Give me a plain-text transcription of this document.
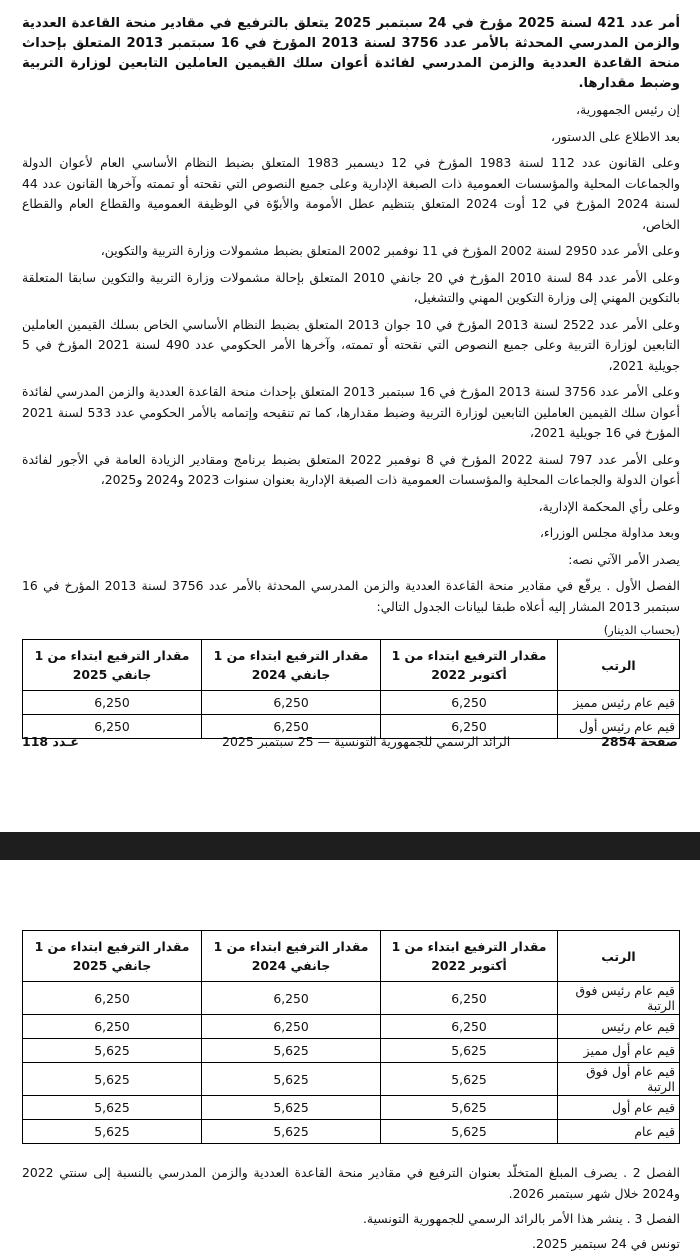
أمر عدد 421 لسنة 2025 مؤرخ في 24 سبتمبر 2025 يتعلق بالترفيع في مقادير منحة القاعدة العددية والزمن المدرسي المحدثة بالأمر عدد 3756 لسنة 2013 المؤرخ في 16 سبتمبر 2013 المتعلق بإحداث منحة القاعدة العددية والزمن المدرسي لفائدة أعوان سلك القيمين العاملين التابعين لوزارة التربية وضبط مقدارها.

إن رئيس الجمهورية،

بعد الاطلاع على الدستور،

وعلى القانون عدد 112 لسنة 1983 المؤرخ في 12 ديسمبر 1983 المتعلق بضبط النظام الأساسي العام لأعوان الدولة والجماعات المحلية والمؤسسات العمومية ذات الصبغة الإدارية وعلى جميع النصوص التي نقحته أو تممته وآخرها القانون عدد 44 لسنة 2024 المؤرخ في 12 أوت 2024 المتعلق بتنظيم عطل الأمومة والأبوّة في الوظيفة العمومية والقطاع العام والقطاع الخاص،

وعلى الأمر عدد 2950 لسنة 2002 المؤرخ في 11 نوفمبر 2002 المتعلق بضبط مشمولات وزارة التربية والتكوين،

وعلى الأمر عدد 84 لسنة 2010 المؤرخ في 20 جانفي 2010 المتعلق بإحالة مشمولات وزارة التربية والتكوين سابقا المتعلقة بالتكوين المهني إلى وزارة التكوين المهني والتشغيل،

وعلى الأمر عدد 2522 لسنة 2013 المؤرخ في 10 جوان 2013 المتعلق بضبط النظام الأساسي الخاص بسلك القيمين العاملين التابعين لوزارة التربية وعلى جميع النصوص التي نقحته أو تممته، وآخرها الأمر الحكومي عدد 490 لسنة 2021 المؤرخ في 5 جويلية 2021،

وعلى الأمر عدد 3756 لسنة 2013 المؤرخ في 16 سبتمبر 2013 المتعلق بإحداث منحة القاعدة العددية والزمن المدرسي لفائدة أعوان سلك القيمين العاملين التابعين لوزارة التربية وضبط مقدارها، كما تم تنقيحه وإتمامه بالأمر الحكومي عدد 533 لسنة 2021 المؤرخ في 16 جويلية 2021،

وعلى الأمر عدد 797 لسنة 2022 المؤرخ في 8 نوفمبر 2022 المتعلق بضبط برنامج ومقادير الزيادة العامة في الأجور لفائدة أعوان الدولة والجماعات المحلية والمؤسسات العمومية ذات الصبغة الإدارية بعنوان سنوات 2023 و2024 و2025،

وعلى رأي المحكمة الإدارية،

وبعد مداولة مجلس الوزراء،

يصدر الأمر الآتي نصه:

الفصل الأول . يرفّع في مقادير منحة القاعدة العددية والزمن المدرسي المحدثة بالأمر عدد 3756 لسنة 2013 المؤرخ في 16 سبتمبر 2013 المشار إليه أعلاه طبقا لبيانات الجدول التالي:

(بحساب الدينار)
الرتب	مقدار الترفيع ابتداء من 1 أكتوبر 2022	مقدار الترفيع ابتداء من 1 جانفي 2024	مقدار الترفيع ابتداء من 1 جانفي 2025
قيم عام رئيس مميز	6,250	6,250	6,250
قيم عام رئيس أول	6,250	6,250	6,250
عـدد 118	الرائد الرسمي للجمهورية التونسية — 25 سبتمبر 2025	صفحة 2854
الرتب	مقدار الترفيع ابتداء من 1 أكتوبر 2022	مقدار الترفيع ابتداء من 1 جانفي 2024	مقدار الترفيع ابتداء من 1 جانفي 2025
قيم عام رئيس فوق الرتبة	6,250	6,250	6,250
قيم عام رئيس	6,250	6,250	6,250
قيم عام أول مميز	5,625	5,625	5,625
قيم عام أول فوق الرتبة	5,625	5,625	5,625
قيم عام أول	5,625	5,625	5,625
قيم عام	5,625	5,625	5,625

الفصل 2 . يصرف المبلغ المتخلّد بعنوان الترفيع في مقادير منحة القاعدة العددية والزمن المدرسي بالنسبة إلى سنتي 2022 و2024 خلال شهر سبتمبر 2026.

الفصل 3 . ينشر هذا الأمر بالرائد الرسمي للجمهورية التونسية.

تونس في 24 سبتمبر 2025.
